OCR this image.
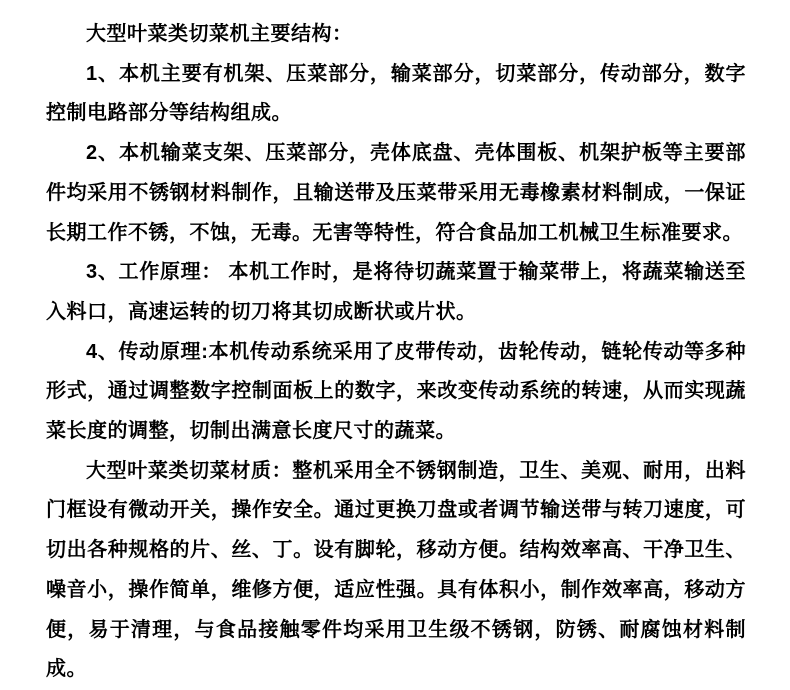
大型叶菜类切菜机主要结构：

1、本机主要有机架、压菜部分，输菜部分，切菜部分，传动部分，数字控制电路部分等结构组成。

2、本机输菜支架、压菜部分，壳体底盘、壳体围板、机架护板等主要部件均采用不锈钢材料制作，且输送带及压菜带采用无毒橡素材料制成，一保证长期工作不锈，不蚀，无毒。无害等特性，符合食品加工机械卫生标准要求。

3、工作原理： 本机工作时，是将待切蔬菜置于输菜带上，将蔬菜输送至入料口，高速运转的切刀将其切成断状或片状。

4、传动原理:本机传动系统采用了皮带传动，齿轮传动，链轮传动等多种形式，通过调整数字控制面板上的数字，来改变传动系统的转速，从而实现蔬菜长度的调整，切制出满意长度尺寸的蔬菜。

大型叶菜类切菜材质：整机采用全不锈钢制造，卫生、美观、耐用，出料门框设有微动开关，操作安全。通过更换刀盘或者调节输送带与转刀速度，可切出各种规格的片、丝、丁。设有脚轮，移动方便。结构效率高、干净卫生、噪音小，操作简单，维修方便，适应性强。具有体积小，制作效率高，移动方便，易于清理，与食品接触零件均采用卫生级不锈钢，防锈、耐腐蚀材料制成。
